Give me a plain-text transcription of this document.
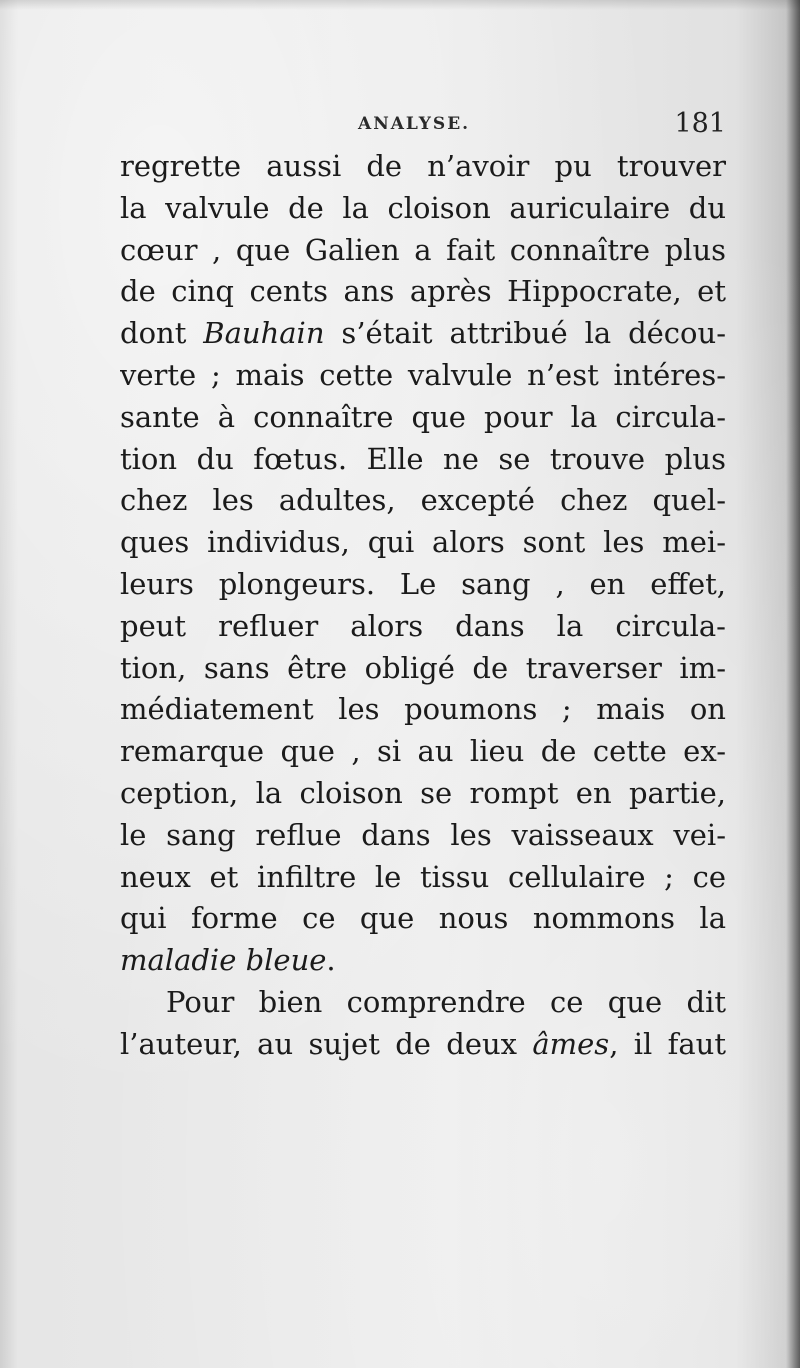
ANALYSE.	181
regrette aussi de n’avoir pu trouver
la valvule de la cloison auriculaire du
cœur , que Galien a fait connaître plus
de cinq cents ans après Hippocrate, et
dont Bauhain s’était attribué la décou-
verte ; mais cette valvule n’est intéres-
sante à connaître que pour la circula-
tion du fœtus. Elle ne se trouve plus
chez les adultes, excepté chez quel-
ques individus, qui alors sont les mei-
leurs plongeurs. Le sang , en effet,
peut refluer alors dans la circula-
tion, sans être obligé de traverser im-
médiatement les poumons ; mais on
remarque que , si au lieu de cette ex-
ception, la cloison se rompt en partie,
le sang reflue dans les vaisseaux vei-
neux et infiltre le tissu cellulaire ; ce
qui forme ce que nous nommons la
maladie bleue.
Pour bien comprendre ce que dit
l’auteur, au sujet de deux âmes, il faut
